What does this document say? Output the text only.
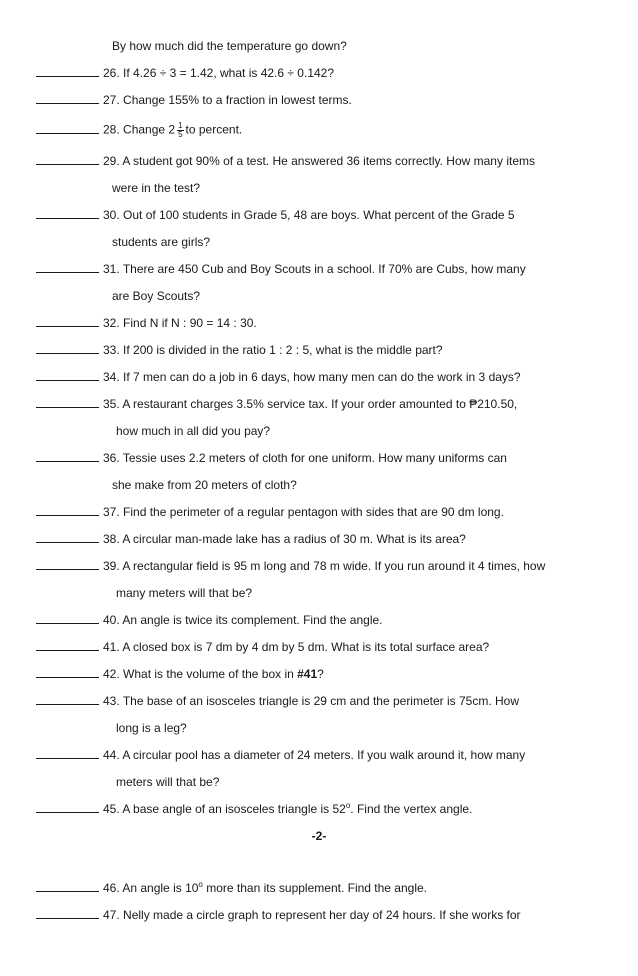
By how much did the temperature go down?
26. If 4.26 ÷ 3 = 1.42, what is 42.6 ÷ 0.142?
27. Change 155% to a fraction in lowest terms.
28. Change $2 \frac{1}{5}$ to percent.
29. A student got 90% of a test. He answered 36 items correctly. How many items
were in the test?
30. Out of 100 students in Grade 5, 48 are boys. What percent of the Grade 5
students are girls?
31. There are 450 Cub and Boy Scouts in a school. If 70% are Cubs, how many
are Boy Scouts?
32. Find N if N : 90 = 14 : 30.
33. If 200 is divided in the ratio 1 : 2 : 5, what is the middle part?
34. If 7 men can do a job in 6 days, how many men can do the work in 3 days?
35. A restaurant charges 3.5% service tax. If your order amounted to ₱210.50,
how much in all did you pay?
36. Tessie uses 2.2 meters of cloth for one uniform. How many uniforms can
she make from 20 meters of cloth?
37. Find the perimeter of a regular pentagon with sides that are 90 dm long.
38. A circular man-made lake has a radius of 30 m. What is its area?
39. A rectangular field is 95 m long and 78 m wide. If you run around it 4 times, how
many meters will that be?
40. An angle is twice its complement. Find the angle.
41. A closed box is 7 dm by 4 dm by 5 dm. What is its total surface area?
42. What is the volume of the box in #41?
43. The base of an isosceles triangle is 29 cm and the perimeter is 75cm. How
long is a leg?
44. A circular pool has a diameter of 24 meters. If you walk around it, how many
meters will that be?
45. A base angle of an isosceles triangle is 52$^o$. Find the vertex angle.
-2-
46. An angle is 10$^o$ more than its supplement. Find the angle.
47. Nelly made a circle graph to represent her day of 24 hours. If she works for
